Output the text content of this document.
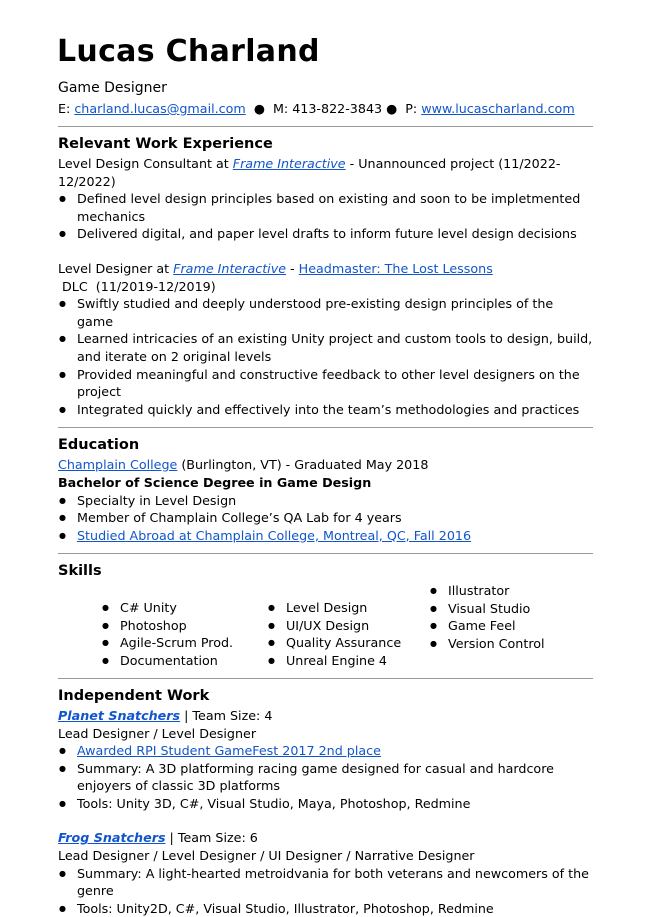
Lucas Charland
Game Designer
E: charland.lucas@gmail.com  ●  M: 413-822-3843 ●  P: www.lucascharland.com
Relevant Work Experience
Level Design Consultant at Frame Interactive - Unannounced project (11/2022-12/2022)
● Defined level design principles based on existing and soon to be impletmented mechanics
● Delivered digital, and paper level drafts to inform future level design decisions
Level Designer at Frame Interactive - Headmaster: The Lost Lessons DLC  (11/2019-12/2019)
● Swiftly studied and deeply understood pre-existing design principles of the game
● Learned intricacies of an existing Unity project and custom tools to design, build, and iterate on 2 original levels
● Provided meaningful and constructive feedback to other level designers on the project
● Integrated quickly and effectively into the team’s methodologies and practices
Education
Champlain College (Burlington, VT) - Graduated May 2018
Bachelor of Science Degree in Game Design
● Specialty in Level Design
● Member of Champlain College’s QA Lab for 4 years
● Studied Abroad at Champlain College, Montreal, QC, Fall 2016
Skills
● C# Unity
● Photoshop
● Agile-Scrum Prod.
● Documentation
● Level Design
● UI/UX Design
● Quality Assurance
● Unreal Engine 4
● Illustrator
● Visual Studio
● Game Feel
● Version Control
Independent Work
Planet Snatchers | Team Size: 4
Lead Designer / Level Designer
● Awarded RPI Student GameFest 2017 2nd place
● Summary: A 3D platforming racing game designed for casual and hardcore enjoyers of classic 3D platforms
● Tools: Unity 3D, C#, Visual Studio, Maya, Photoshop, Redmine
Frog Snatchers | Team Size: 6
Lead Designer / Level Designer / UI Designer / Narrative Designer
● Summary: A light-hearted metroidvania for both veterans and newcomers of the genre
● Tools: Unity2D, C#, Visual Studio, Illustrator, Photoshop, Redmine
